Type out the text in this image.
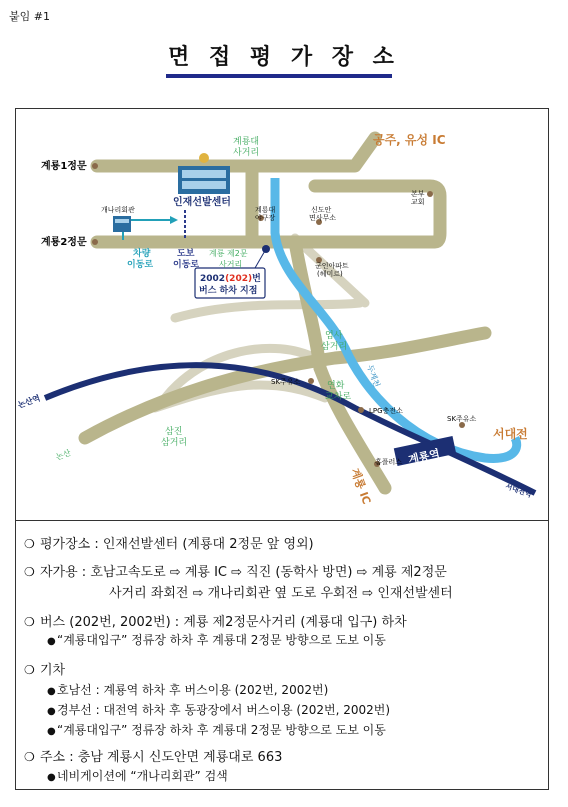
붙임 #1
면 접 평 가 장 소
계룡1정문
계룡2정문
계룡대
사거리
공주, 유성 IC
인재선발센터
개나리회관	계룡대
야구장
신도안
면사무소
본부
교회
차량
이동로
도보
이동로
계룡 제2문
사거리	군인아파트
(헤미르)
2002(202)번
버스 하차 지점
엄사
삼거리
두계천
논산역
SK주유소	연화
교차로
LPG충전소
SK주유소
서대전
삼진
삼거리
논산
홈플러스 계룡역
계룡 IC	서대전역
❍ 평가장소 : 인재선발센터 (계룡대 2정문 앞 영외)
❍ 자가용 : 호남고속도로 ⇨ 계룡 IC ⇨ 직진 (동학사 방면) ⇨ 계룡 제2정문
사거리 좌회전 ⇨ 개나리회관 옆 도로 우회전 ⇨ 인재선발센터
❍ 버스 (202번, 2002번) : 계룡 제2정문사거리 (계룡대 입구) 하차
●“계룡대입구” 정류장 하차 후 계룡대 2정문 방향으로 도보 이동
❍ 기차
●호남선 : 계룡역 하차 후 버스이용 (202번, 2002번)
●경부선 : 대전역 하차 후 동광장에서 버스이용 (202번, 2002번)
●“계룡대입구” 정류장 하차 후 계룡대 2정문 방향으로 도보 이동
❍ 주소 : 충남 계룡시 신도안면 계룡대로 663
●네비게이션에 “개나리회관” 검색
